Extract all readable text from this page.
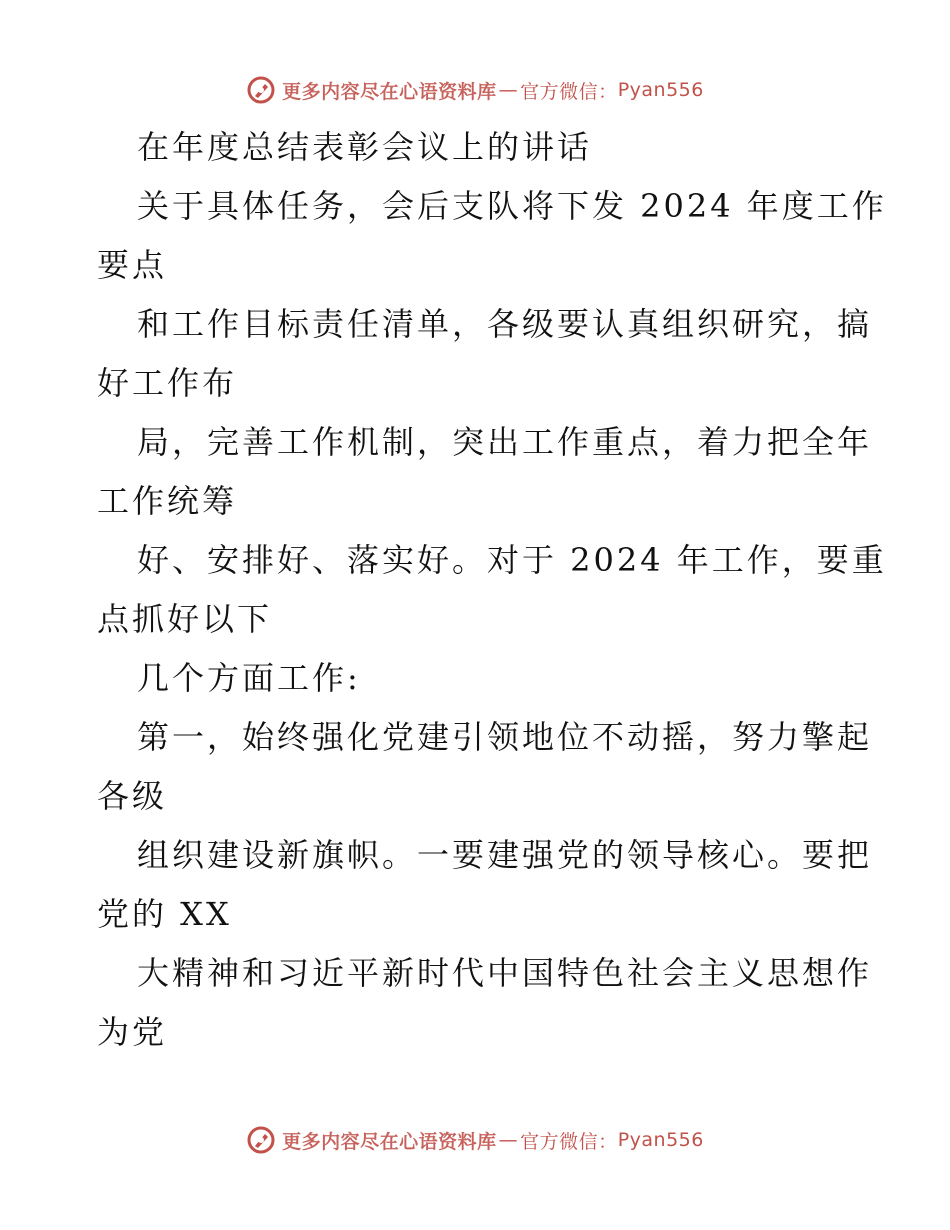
更多内容尽在心语资料库 — 官方微信： Pyan556
在年度总结表彰会议上的讲话
关于具体任务，会后支队将下发 2024 年度工作
要点
和工作目标责任清单，各级要认真组织研究，搞
好工作布
局，完善工作机制，突出工作重点，着力把全年
工作统筹
好、安排好、落实好。对于 2024 年工作，要重
点抓好以下
几个方面工作:
第一，始终强化党建引领地位不动摇，努力擎起
各级
组织建设新旗帜。一要建强党的领导核心。要把
党的 XX
大精神和习近平新时代中国特色社会主义思想作
为党
更多内容尽在心语资料库 — 官方微信： Pyan556
